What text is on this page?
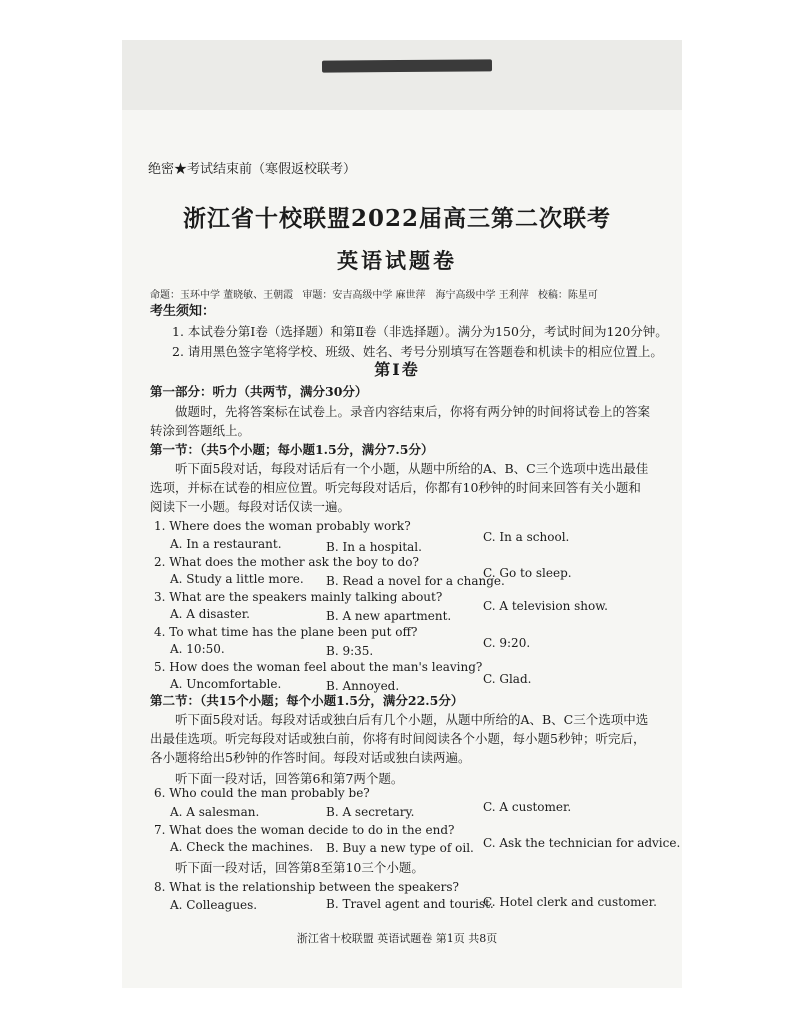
绝密★考试结束前（寒假返校联考）
浙江省十校联盟2022届高三第二次联考
英语试题卷
命题：玉环中学 董晓敏、王朝霞 审题：安吉高级中学 麻世萍　海宁高级中学 王利萍 校稿：陈星可
考生须知：
1. 本试卷分第Ⅰ卷（选择题）和第Ⅱ卷（非选择题）。满分为150分，考试时间为120分钟。
2. 请用黑色签字笔将学校、班级、姓名、考号分别填写在答题卷和机读卡的相应位置上。
第Ⅰ卷
第一部分：听力（共两节，满分30分）
做题时，先将答案标在试卷上。录音内容结束后，你将有两分钟的时间将试卷上的答案转涂到答题纸上。
第一节：（共5个小题；每小题1.5分，满分7.5分）
听下面5段对话，每段对话后有一个小题，从题中所给的A、B、C三个选项中选出最佳选项，并标在试卷的相应位置。听完每段对话后，你都有10秒钟的时间来回答有关小题和阅读下一小题。每段对话仅读一遍。
1. Where does the woman probably work?
A. In a restaurant.	B. In a hospital.
C. In a school.
2. What does the mother ask the boy to do?
A. Study a little more. B. Read a novel for a change.
C. Go to sleep.
3. What are the speakers mainly talking about?
A. A disaster.	B. A new apartment.
C. A television show.
4. To what time has the plane been put off?
A. 10:50.	B. 9:35.
C. 9:20.
5. How does the woman feel about the man's leaving?
A. Uncomfortable.	B. Annoyed.	C. Glad.
第二节：（共15个小题；每个小题1.5分，满分22.5分）
听下面5段对话。每段对话或独白后有几个小题，从题中所给的A、B、C三个选项中选出最佳选项。听完每段对话或独白前，你将有时间阅读各个小题，每小题5秒钟；听完后，各小题将给出5秒钟的作答时间。每段对话或独白读两遍。
听下面一段对话，回答第6和第7两个题。
6. Who could the man probably be?
A. A salesman.	B. A secretary.	C. A customer.
7. What does the woman decide to do in the end?
A. Check the machines. B. Buy a new type of oil. C. Ask the technician for advice.
听下面一段对话，回答第8至第10三个小题。
8. What is the relationship between the speakers?
A. Colleagues.	B. Travel agent and tourist.
C. Hotel clerk and customer.
浙江省十校联盟 英语试题卷 第1页 共8页
